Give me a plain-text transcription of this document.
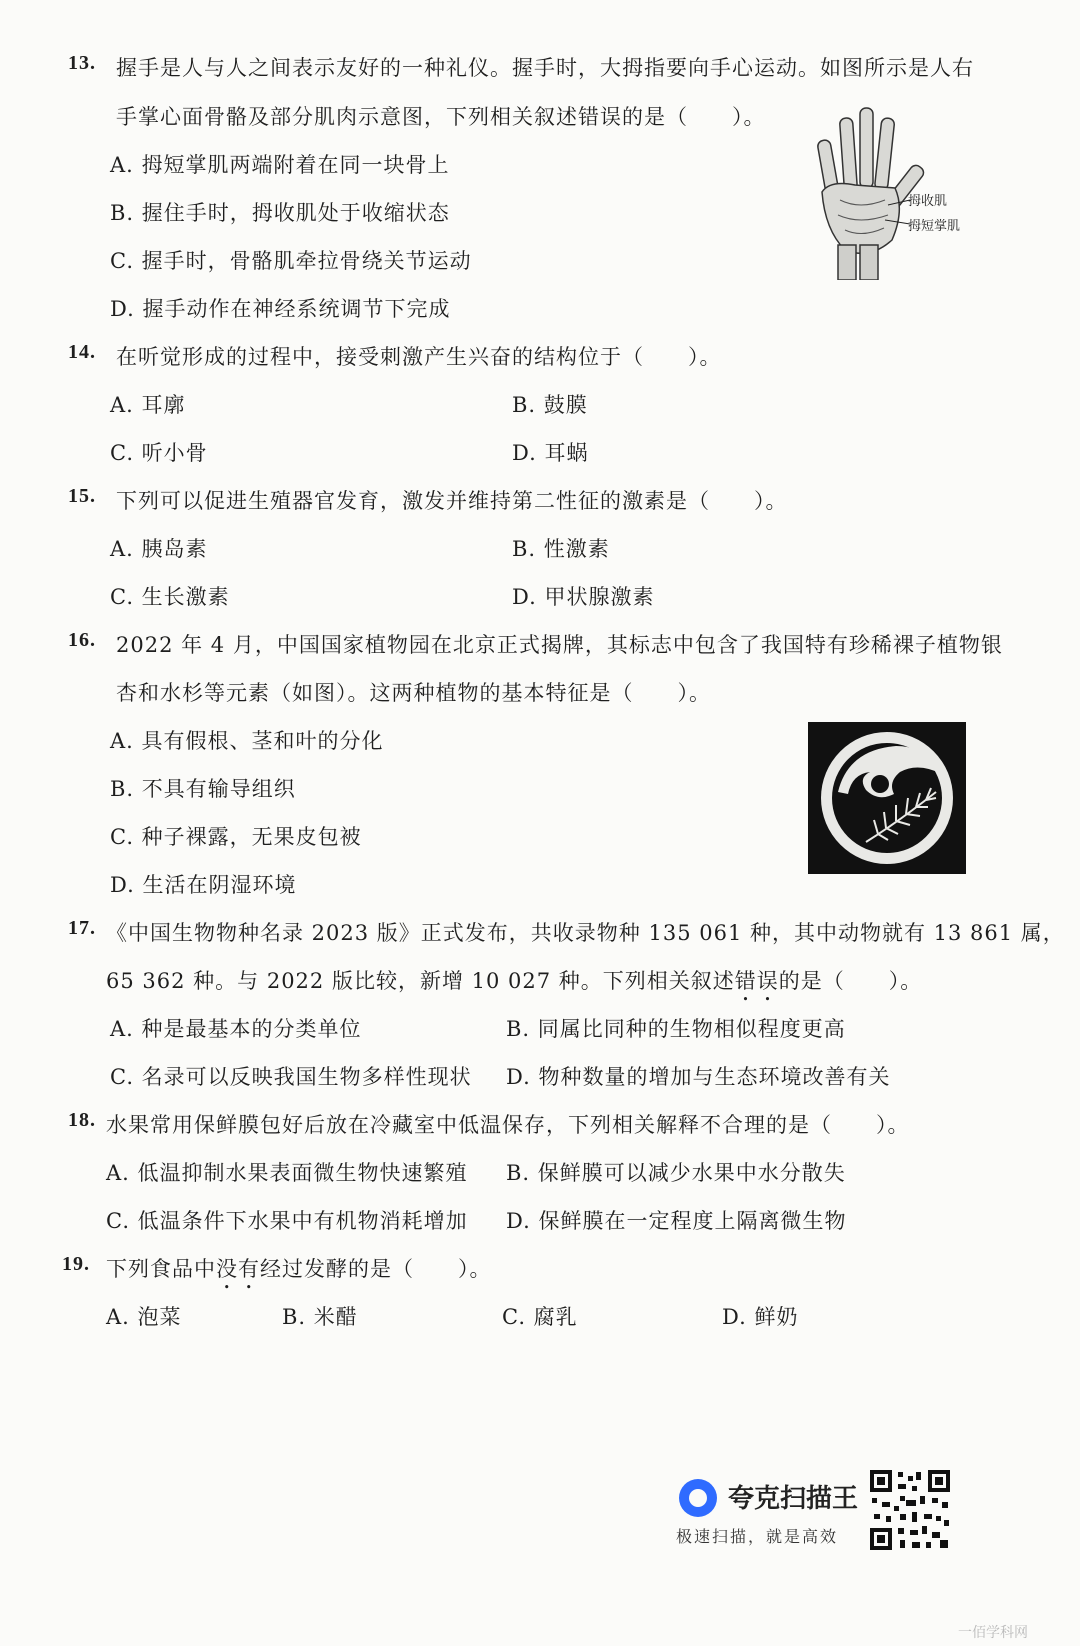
13. 握手是人与人之间表示友好的一种礼仪。握手时，大拇指要向手心运动。如图所示是人右
手掌心面骨骼及部分肌肉示意图，下列相关叙述错误的是（　　）。
A. 拇短掌肌两端附着在同一块骨上
B. 握住手时，拇收肌处于收缩状态
C. 握手时，骨骼肌牵拉骨绕关节运动
D. 握手动作在神经系统调节下完成
拇收肌
拇短掌肌
14. 在听觉形成的过程中，接受刺激产生兴奋的结构位于（　　）。
A. 耳廓	B. 鼓膜
C. 听小骨	D. 耳蜗
15. 下列可以促进生殖器官发育，激发并维持第二性征的激素是（　　）。
A. 胰岛素	B. 性激素
C. 生长激素	D. 甲状腺激素
16. 2022 年 4 月，中国国家植物园在北京正式揭牌，其标志中包含了我国特有珍稀裸子植物银
杏和水杉等元素（如图）。这两种植物的基本特征是（　　）。
A. 具有假根、茎和叶的分化
B. 不具有输导组织
C. 种子裸露，无果皮包被
D. 生活在阴湿环境
17. 《中国生物物种名录 2023 版》正式发布，共收录物种 135 061 种，其中动物就有 13 861 属，
65 362 种。与 2022 版比较，新增 10 027 种。下列相关叙述错误的是（　　）。
A. 种是最基本的分类单位	B. 同属比同种的生物相似程度更高
C. 名录可以反映我国生物多样性现状 D. 物种数量的增加与生态环境改善有关
18. 水果常用保鲜膜包好后放在冷藏室中低温保存，下列相关解释不合理的是（　　）。
A. 低温抑制水果表面微生物快速繁殖 B. 保鲜膜可以减少水果中水分散失
C. 低温条件下水果中有机物消耗增加 D. 保鲜膜在一定程度上隔离微生物
19. 下列食品中没有经过发酵的是（　　）。
A. 泡菜	B. 米醋	C. 腐乳	D. 鲜奶
夸克扫描王
极速扫描，就是高效
一佰学科网
